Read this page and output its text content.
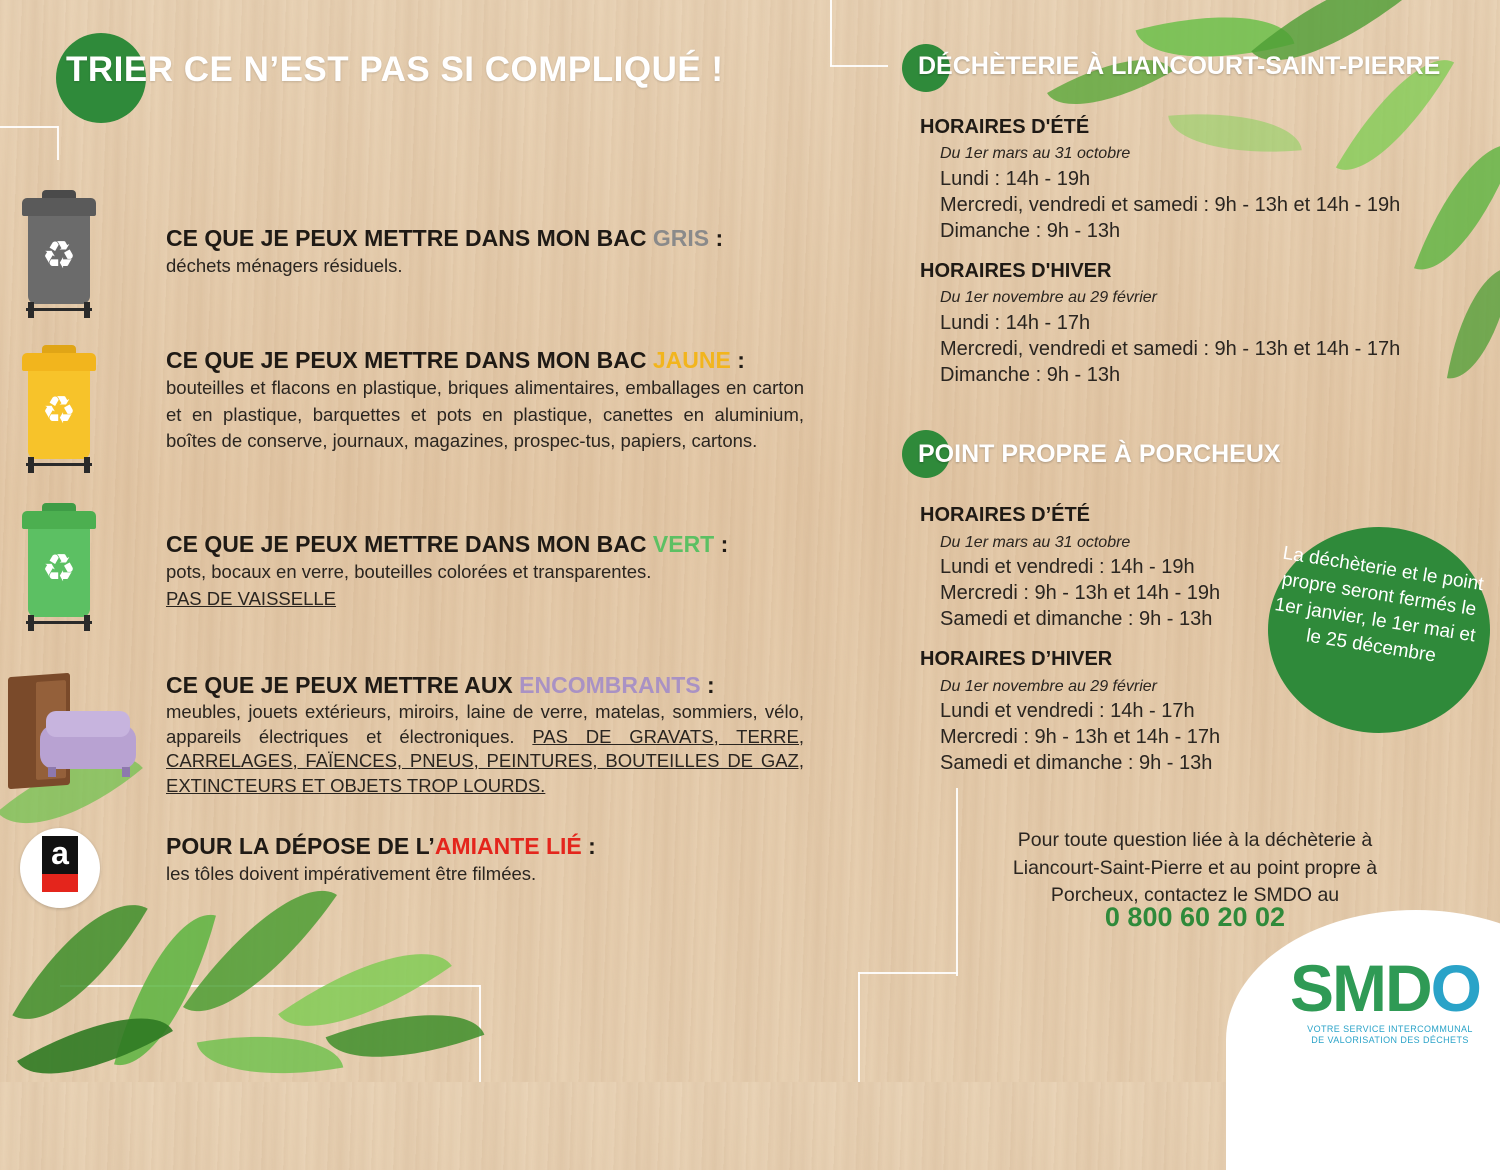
TRIER CE N’EST PAS SI COMPLIQUÉ !
♻
♻
♻
a
CE QUE JE PEUX METTRE DANS MON BAC GRIS :
déchets ménagers résiduels.
CE QUE JE PEUX METTRE DANS MON BAC JAUNE :
bouteilles et flacons en plastique, briques alimentaires, emballages en carton et en plastique, barquettes et pots en plastique, canettes en aluminium, boîtes de conserve, journaux, magazines, prospec-tus, papiers, cartons.
CE QUE JE PEUX METTRE DANS MON BAC VERT :
pots, bocaux en verre, bouteilles colorées et transparentes.
PAS DE VAISSELLE
CE QUE JE PEUX METTRE AUX ENCOMBRANTS :
meubles, jouets extérieurs, miroirs, laine de verre, matelas, sommiers, vélo, appareils électriques et électroniques. PAS DE GRAVATS, TERRE, CARRELAGES, FAÏENCES, PNEUS, PEINTURES, BOUTEILLES DE GAZ, EXTINCTEURS ET OBJETS TROP LOURDS.
POUR LA DÉPOSE DE L’AMIANTE LIÉ :
les tôles doivent impérativement être filmées.
DÉCHÈTERIE À LIANCOURT-SAINT-PIERRE
HORAIRES D'ÉTÉ
Du 1er mars au 31 octobre
Lundi : 14h - 19h
Mercredi, vendredi et samedi : 9h - 13h et 14h - 19h
Dimanche : 9h - 13h
HORAIRES D'HIVER
Du 1er novembre au 29 février
Lundi : 14h - 17h
Mercredi, vendredi et samedi : 9h - 13h et 14h - 17h
Dimanche : 9h - 13h
POINT PROPRE À PORCHEUX
HORAIRES D’ÉTÉ
Du 1er mars au 31 octobre
Lundi et vendredi : 14h - 19h
Mercredi : 9h - 13h et 14h - 19h
Samedi et dimanche : 9h - 13h
HORAIRES D’HIVER
Du 1er novembre au 29 février
Lundi et vendredi : 14h - 17h
Mercredi : 9h - 13h et 14h - 17h
Samedi et dimanche : 9h - 13h
La déchèterie et le point propre seront fermés le 1er janvier, le 1er mai et le 25 décembre
Pour toute question liée à la déchèterie à Liancourt-Saint-Pierre et au point propre à Porcheux, contactez le SMDO au
0 800 60 20 02
SMDO
VOTRE SERVICE INTERCOMMUNAL
DE VALORISATION DES DÉCHETS
